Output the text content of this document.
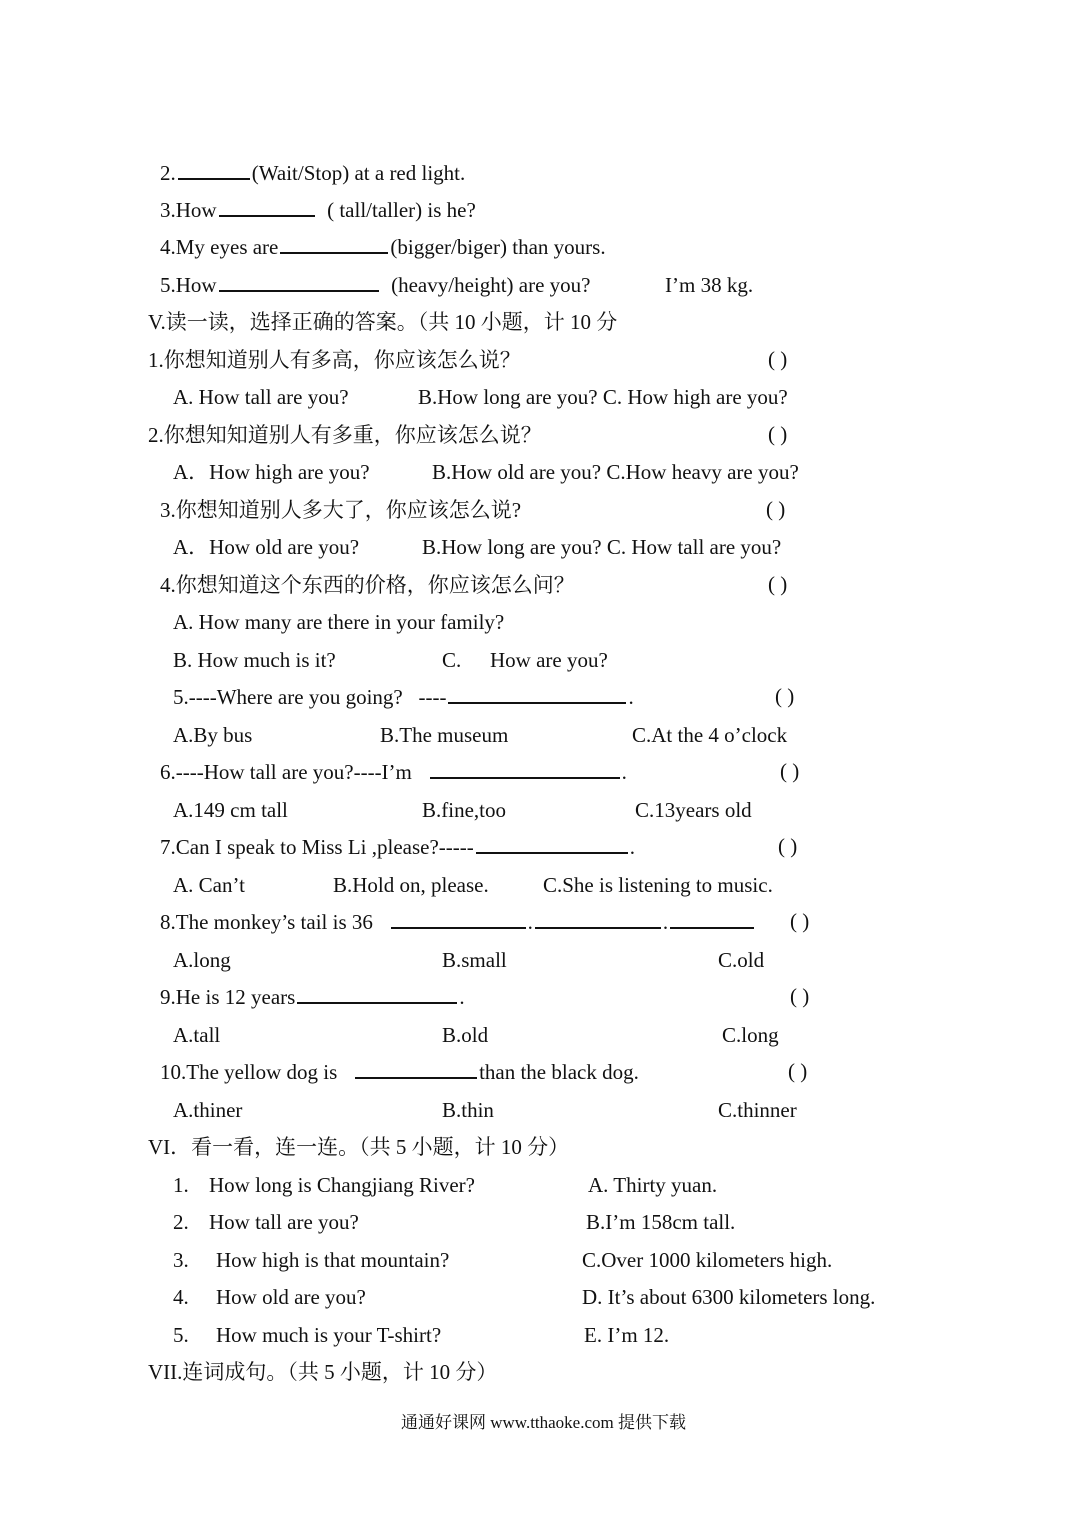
2.	(Wait/Stop) at a red light.
3.How	( tall/taller) is he?
4.My eyes are	(bigger/biger) than yours.
5.How	(heavy/height) are you?	I’m 38 kg.
V.读一读，选择正确的答案。（共 10 小题，计 10 分
1.你想知道别人有多高，你应该怎么说？	( )
A. How tall are you?	B.How long are you? C. How high are you?
2.你想知知道别人有多重，你应该怎么说？	( )
A．How high are you?	B.How old are you? C.How heavy are you?
3.你想知道别人多大了，你应该怎么说?	( )
A．How old are you?	B.How long are you? C. How tall are you?
4.你想知道这个东西的价格，你应该怎么问？	( )
A. How many are there in your family?
B. How much is it?	C. How are you?
5.----Where are you going? ----	.	( )
A.By bus	B.The museum	C.At the 4 o’clock
6.----How tall are you?----I’m	.	( )
A.149 cm tall	B.fine,too	C.13years old
7.Can I speak to Miss Li ,please?-----	.	( )
A. Can’t	B.Hold on, please.	C.She is listening to music.
8.The monkey’s tail is 36	.	.	( )
A.long	B.small	C.old
9.He is 12 years	.	( )
A.tall	B.old	C.long
10.The yellow dog is	than the black dog.	( )
A.thiner	B.thin	C.thinner
VI．看一看，连一连。（共 5 小题，计 10 分）
1. How long is Changjiang River?	A. Thirty yuan.
2. How tall are you?	B.I’m 158cm tall.
3. How high is that mountain?	C.Over 1000 kilometers high.
4. How old are you?	D. It’s about 6300 kilometers long.
5. How much is your T-shirt?	E. I’m 12.
VII.连词成句。（共 5 小题，计 10 分）
通通好课网 www.tthaoke.com 提供下载
